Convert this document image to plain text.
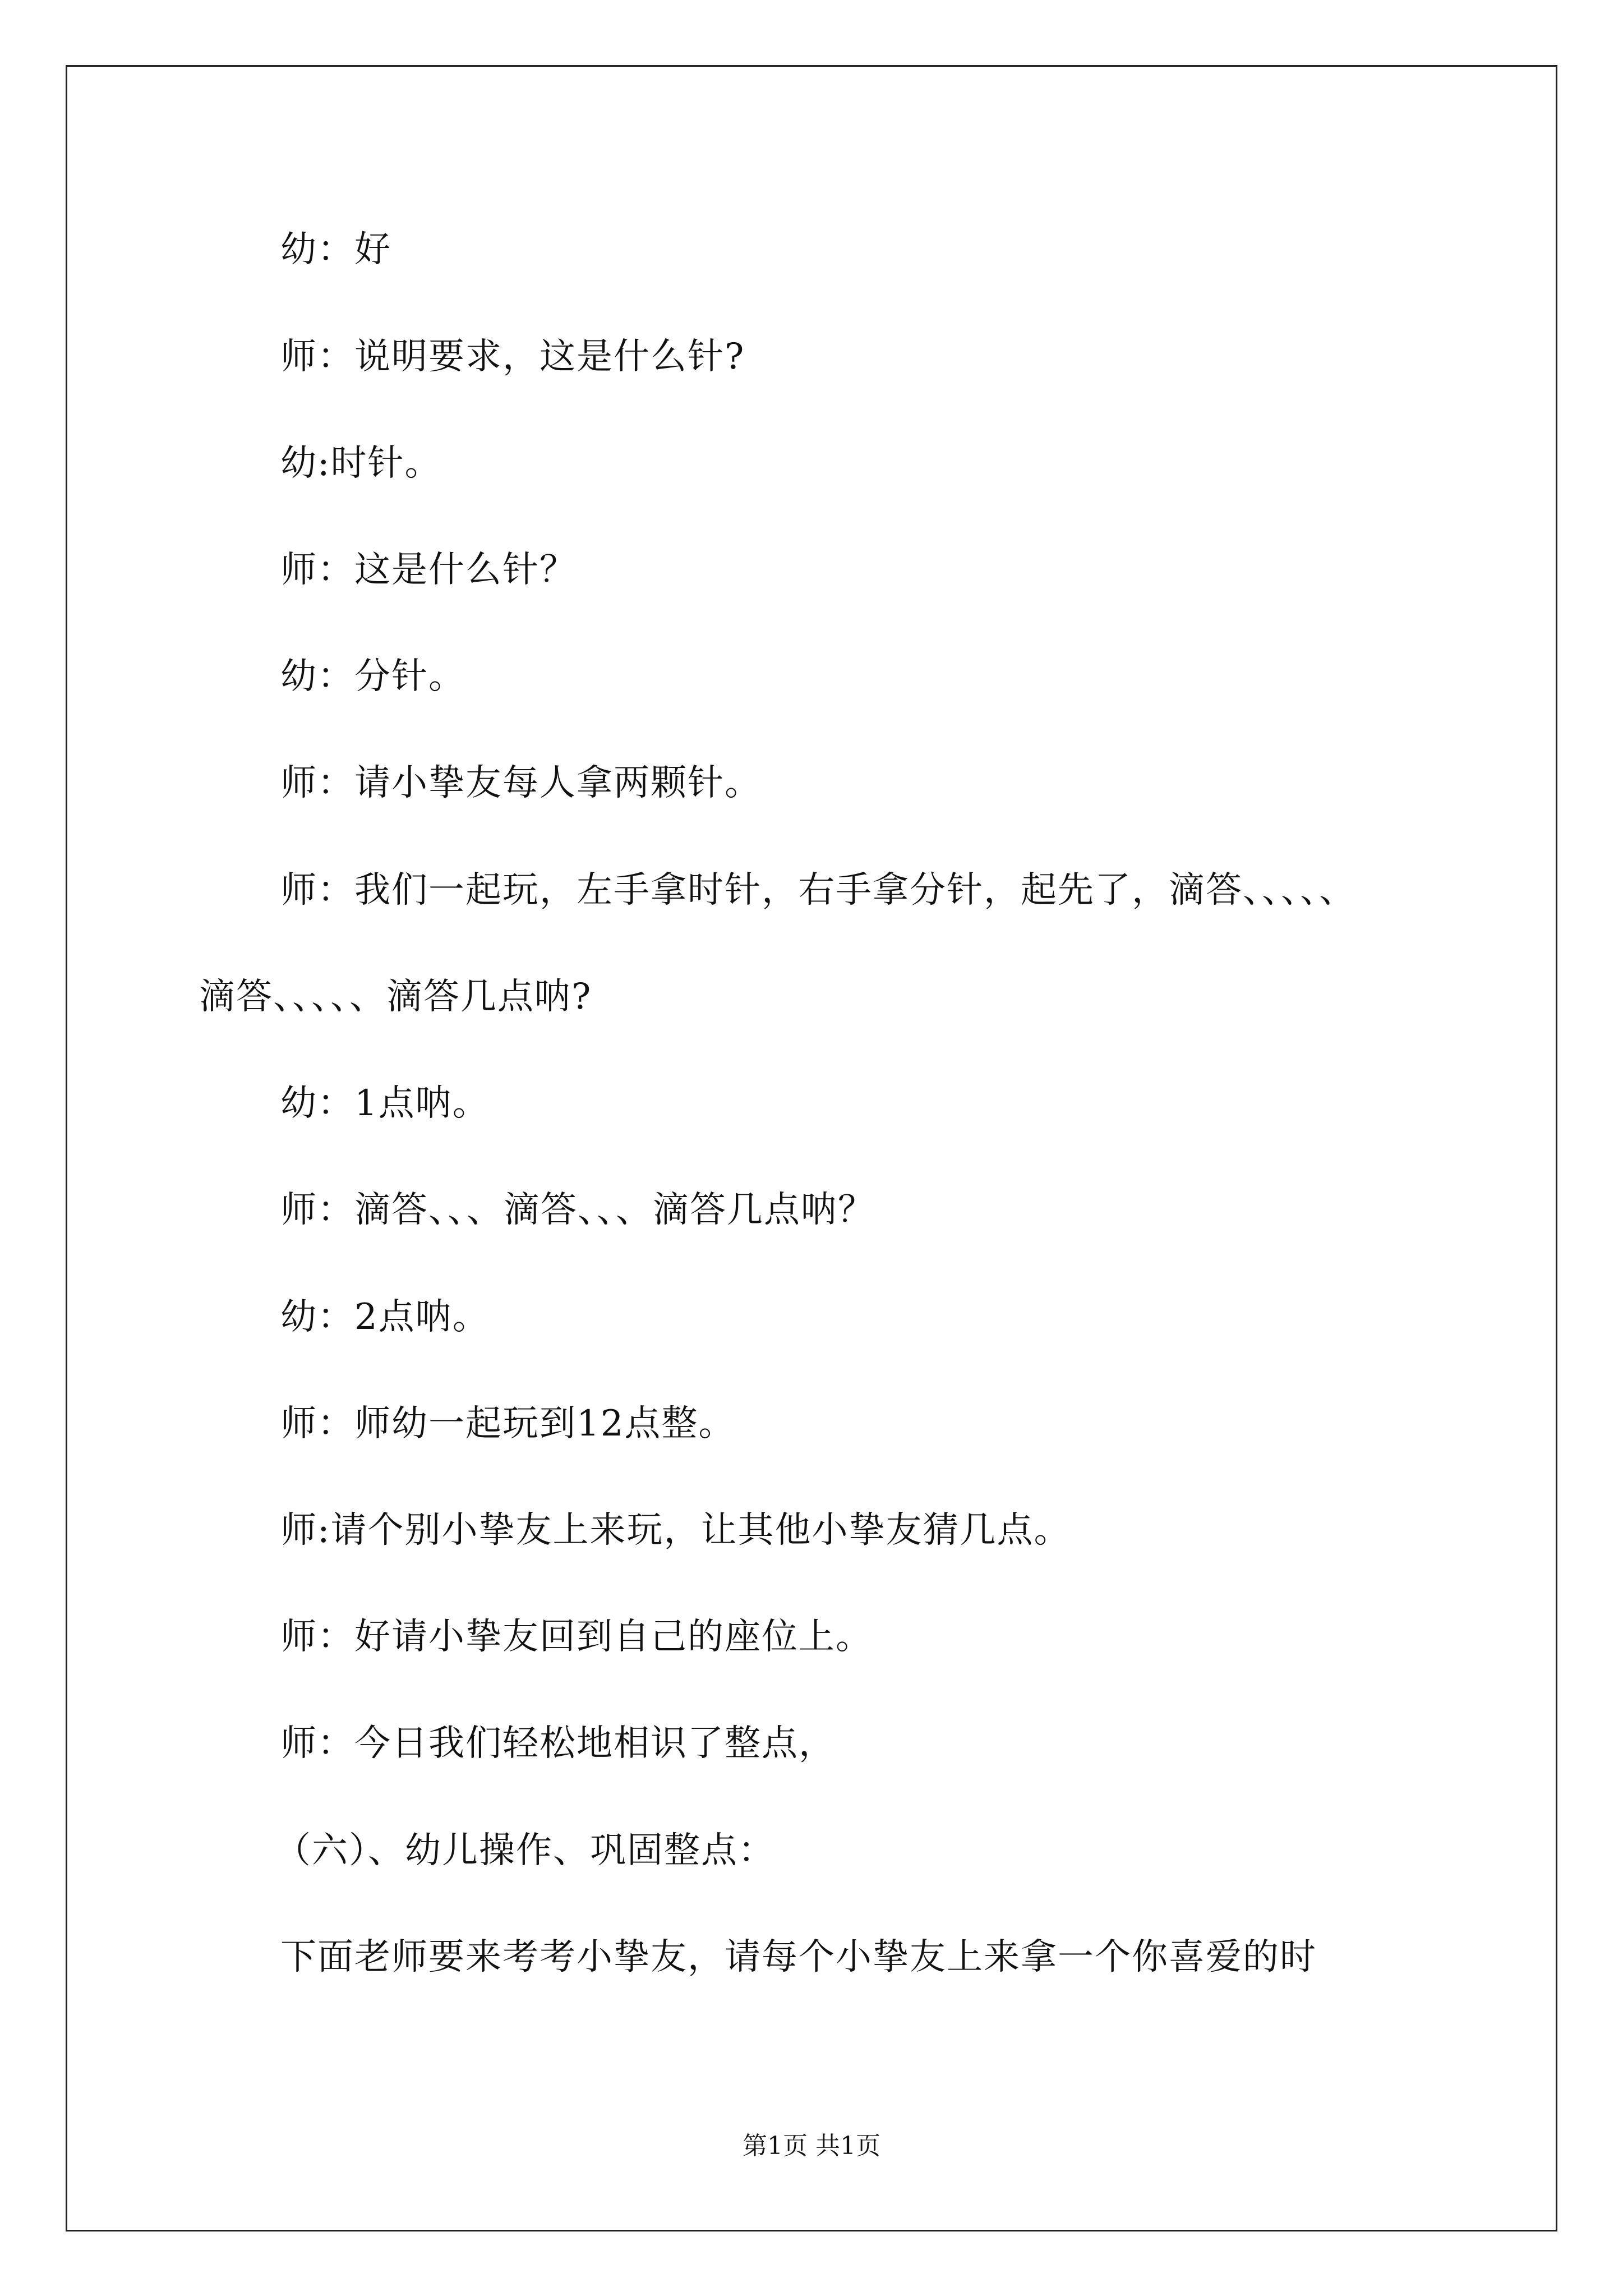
幼：好
师：说明要求，这是什么针?
幼:时针。
师：这是什么针？
幼：分针。
师：请小挚友每人拿两颗针。
师：我们一起玩，左手拿时针，右手拿分针，起先了，滴答、、、、、
滴答、、、、、滴答几点呐?
幼：1点呐。
师：滴答、、、滴答、、、滴答几点呐？
幼：2点呐。
师：师幼一起玩到12点整。
师:请个别小挚友上来玩，让其他小挚友猜几点。
师：好请小挚友回到自己的座位上。
师：今日我们轻松地相识了整点，
（六）、幼儿操作、巩固整点：
下面老师要来考考小挚友，请每个小挚友上来拿一个你喜爱的时
第1页 共1页
